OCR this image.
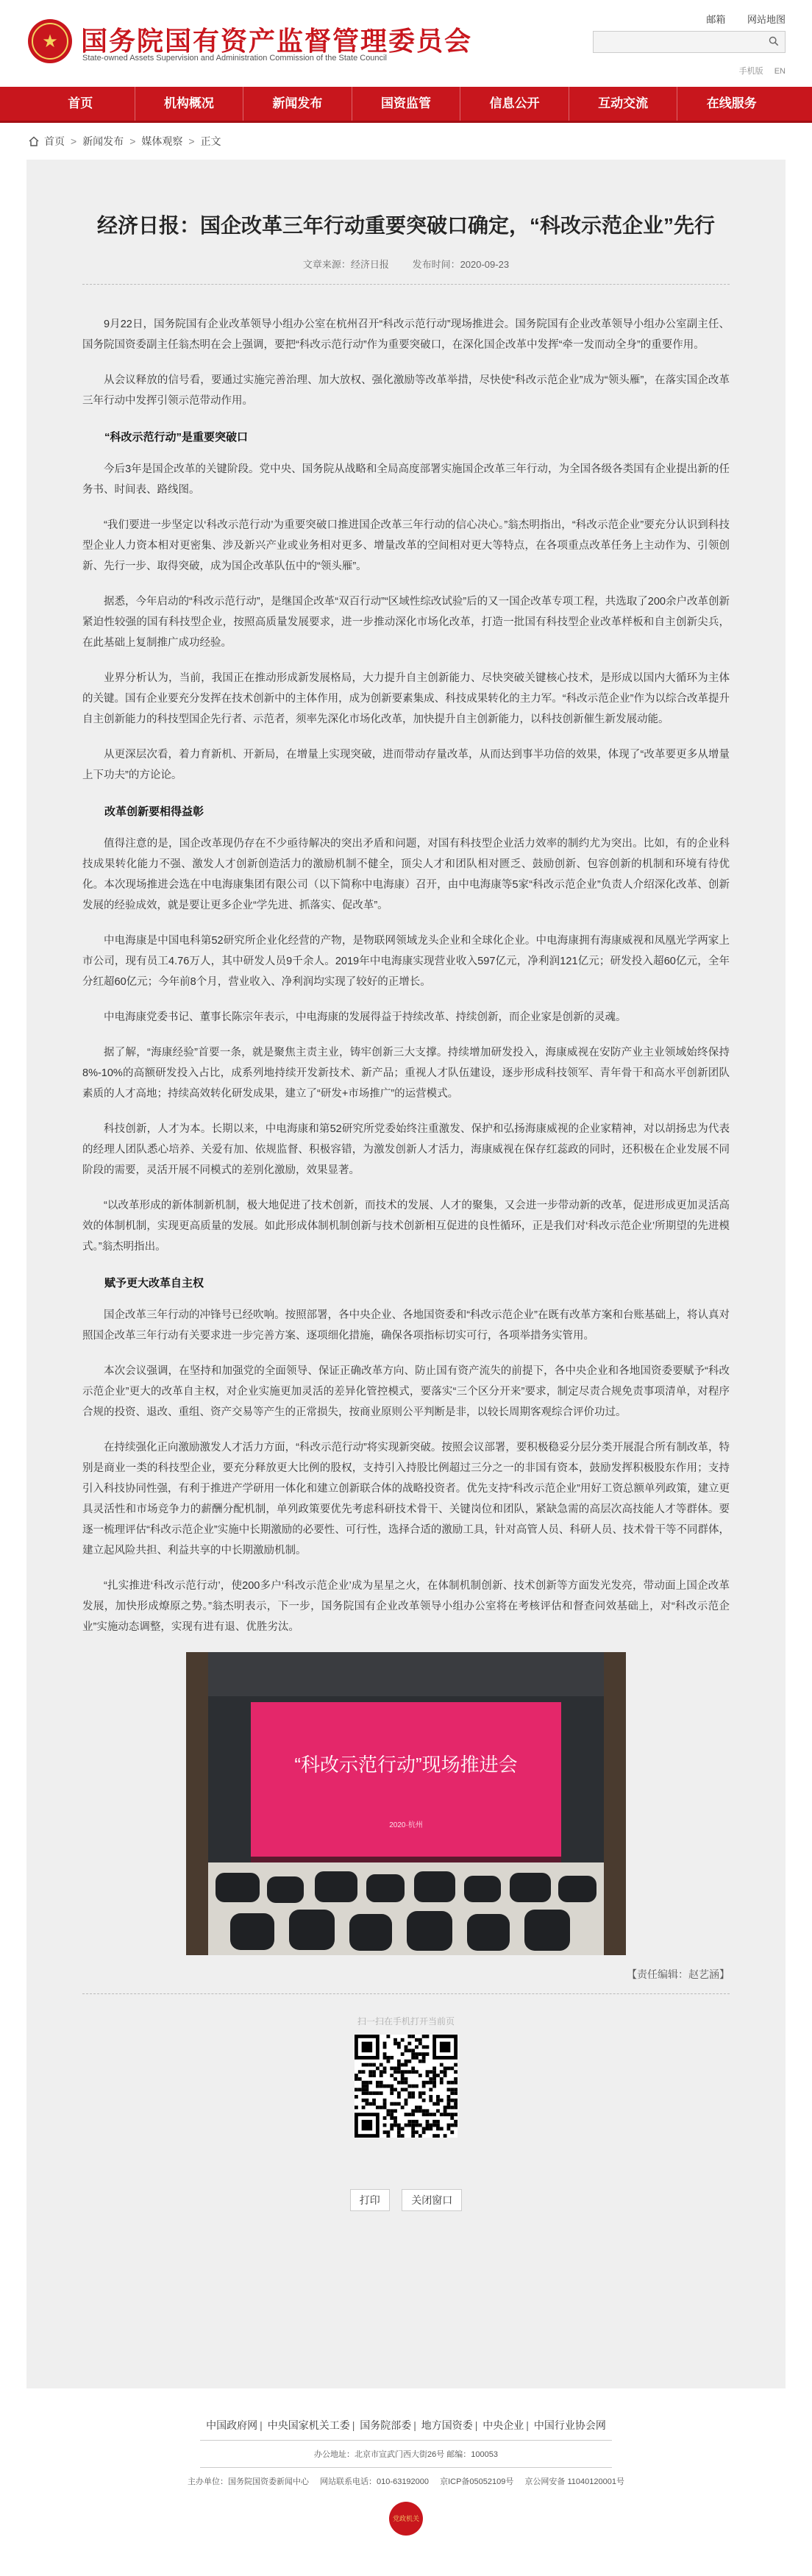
★ 国务院国有资产监督管理委员会
State-owned Assets Supervision and Administration Commission of the State Council
邮箱 网站地图
手机版 EN
首页	机构概况	新闻发布	国资监管	信息公开	互动交流	在线服务
首页 > 新闻发布 > 媒体观察 > 正文
经济日报：国企改革三年行动重要突破口确定，“科改示范企业”先行
文章来源：经济日报 发布时间：2020-09-23

9月22日，国务院国有企业改革领导小组办公室在杭州召开“科改示范行动”现场推进会。国务院国有企业改革领导小组办公室副主任、国务院国资委副主任翁杰明在会上强调，要把“科改示范行动”作为重要突破口，在深化国企改革中发挥“牵一发而动全身”的重要作用。

从会议释放的信号看，要通过实施完善治理、加大放权、强化激励等改革举措，尽快使“科改示范企业”成为“领头雁”，在落实国企改革三年行动中发挥引领示范带动作用。

“科改示范行动”是重要突破口

今后3年是国企改革的关键阶段。党中央、国务院从战略和全局高度部署实施国企改革三年行动，为全国各级各类国有企业提出新的任务书、时间表、路线图。

“我们要进一步坚定以‘科改示范行动’为重要突破口推进国企改革三年行动的信心决心。”翁杰明指出，“科改示范企业”要充分认识到科技型企业人力资本相对更密集、涉及新兴产业或业务相对更多、增量改革的空间相对更大等特点，在各项重点改革任务上主动作为、引领创新、先行一步、取得突破，成为国企改革队伍中的“领头雁”。

据悉，今年启动的“科改示范行动”，是继国企改革“双百行动”“区域性综改试验”后的又一国企改革专项工程，共选取了200余户改革创新紧迫性较强的国有科技型企业，按照高质量发展要求，进一步推动深化市场化改革，打造一批国有科技型企业改革样板和自主创新尖兵，在此基础上复制推广成功经验。

业界分析认为，当前，我国正在推动形成新发展格局，大力提升自主创新能力、尽快突破关键核心技术，是形成以国内大循环为主体的关键。国有企业要充分发挥在技术创新中的主体作用，成为创新要素集成、科技成果转化的主力军。“科改示范企业”作为以综合改革提升自主创新能力的科技型国企先行者、示范者，须率先深化市场化改革，加快提升自主创新能力，以科技创新催生新发展动能。

从更深层次看，着力育新机、开新局，在增量上实现突破，进而带动存量改革，从而达到事半功倍的效果，体现了“改革要更多从增量上下功夫”的方论论。

改革创新要相得益彰

值得注意的是，国企改革现仍存在不少亟待解决的突出矛盾和问题，对国有科技型企业活力效率的制约尤为突出。比如，有的企业科技成果转化能力不强、激发人才创新创造活力的激励机制不健全，顶尖人才和团队相对匮乏、鼓励创新、包容创新的机制和环境有待优化。本次现场推进会选在中电海康集团有限公司（以下简称中电海康）召开，由中电海康等5家“科改示范企业”负责人介绍深化改革、创新发展的经验成效，就是要让更多企业“学先进、抓落实、促改革”。

中电海康是中国电科第52研究所企业化经营的产物，是物联网领域龙头企业和全球化企业。中电海康拥有海康威视和凤凰光学两家上市公司，现有员工4.76万人，其中研发人员9千余人。2019年中电海康实现营业收入597亿元，净利润121亿元；研发投入超60亿元，全年分红超60亿元；今年前8个月，营业收入、净利润均实现了较好的正增长。

中电海康党委书记、董事长陈宗年表示，中电海康的发展得益于持续改革、持续创新，而企业家是创新的灵魂。

据了解，“海康经验”首要一条，就是聚焦主责主业，铸牢创新三大支撑。持续增加研发投入，海康威视在安防产业主业领域始终保持8%-10%的高额研发投入占比，成系列地持续开发新技术、新产品；重视人才队伍建设，逐步形成科技领军、青年骨干和高水平创新团队素质的人才高地；持续高效转化研发成果，建立了“研发+市场推广”的运营模式。

科技创新，人才为本。长期以来，中电海康和第52研究所党委始终注重激发、保护和弘扬海康威视的企业家精神，对以胡扬忠为代表的经理人团队悉心培养、关爱有加、依规监督、积极容错，为激发创新人才活力，海康威视在保存红蕊政的同时，还积极在企业发展不同阶段的需要，灵活开展不同模式的差别化激励，效果显著。

“以改革形成的新体制新机制，极大地促进了技术创新，而技术的发展、人才的聚集，又会进一步带动新的改革，促进形成更加灵活高效的体制机制，实现更高质量的发展。如此形成体制机制创新与技术创新相互促进的良性循环，正是我们对‘科改示范企业’所期望的先进模式。”翁杰明指出。

赋予更大改革自主权

国企改革三年行动的冲锋号已经吹响。按照部署，各中央企业、各地国资委和“科改示范企业”在既有改革方案和台账基础上，将认真对照国企改革三年行动有关要求进一步完善方案、逐项细化措施，确保各项指标切实可行，各项举措务实管用。

本次会议强调，在坚持和加强党的全面领导、保证正确改革方向、防止国有资产流失的前提下，各中央企业和各地国资委要赋予“科改示范企业”更大的改革自主权，对企业实施更加灵活的差异化管控模式，要落实“三个区分开来”要求，制定尽责合规免责事项清单，对程序合规的投资、退改、重组、资产交易等产生的正常损失，按商业原则公平判断是非，以较长周期客观综合评价功过。

在持续强化正向激励激发人才活力方面，“科改示范行动”将实现新突破。按照会议部署，要积极稳妥分层分类开展混合所有制改革，特别是商业一类的科技型企业，要充分释放更大比例的股权，支持引入持股比例超过三分之一的非国有资本，鼓励发挥积极股东作用；支持引入科技协同性强，有利于推进产学研用一体化和建立创新联合体的战略投资者。优先支持“科改示范企业”用好工资总额单列政策，建立更具灵活性和市场竞争力的薪酬分配机制，单列政策要优先考虑科研技术骨干、关键岗位和团队，紧缺急需的高层次高技能人才等群体。要逐一梳理评估“科改示范企业”实施中长期激励的必要性、可行性，选择合适的激励工具，针对高管人员、科研人员、技术骨干等不同群体，建立起风险共担、利益共享的中长期激励机制。

“扎实推进‘科改示范行动’，使200多户‘科改示范企业’成为星星之火，在体制机制创新、技术创新等方面发光发亮，带动面上国企改革发展，加快形成燎原之势。”翁杰明表示，下一步，国务院国有企业改革领导小组办公室将在考核评估和督查问效基础上，对“科改示范企业”实施动态调整，实现有进有退、优胜劣汰。

“科改示范行动”现场推进会
2020·杭州
【责任编辑：赵艺涵】
扫一扫在手机打开当前页
打印	关闭窗口
中国政府网 | 中央国家机关工委 | 国务院部委 | 地方国资委 | 中央企业 | 中国行业协会网
办公地址：北京市宣武门西大街26号 邮编：100053
主办单位：国务院国资委新闻中心 网站联系电话：010-63192000 京ICP备05052109号 京公网安备 11040120001号
党政机关
